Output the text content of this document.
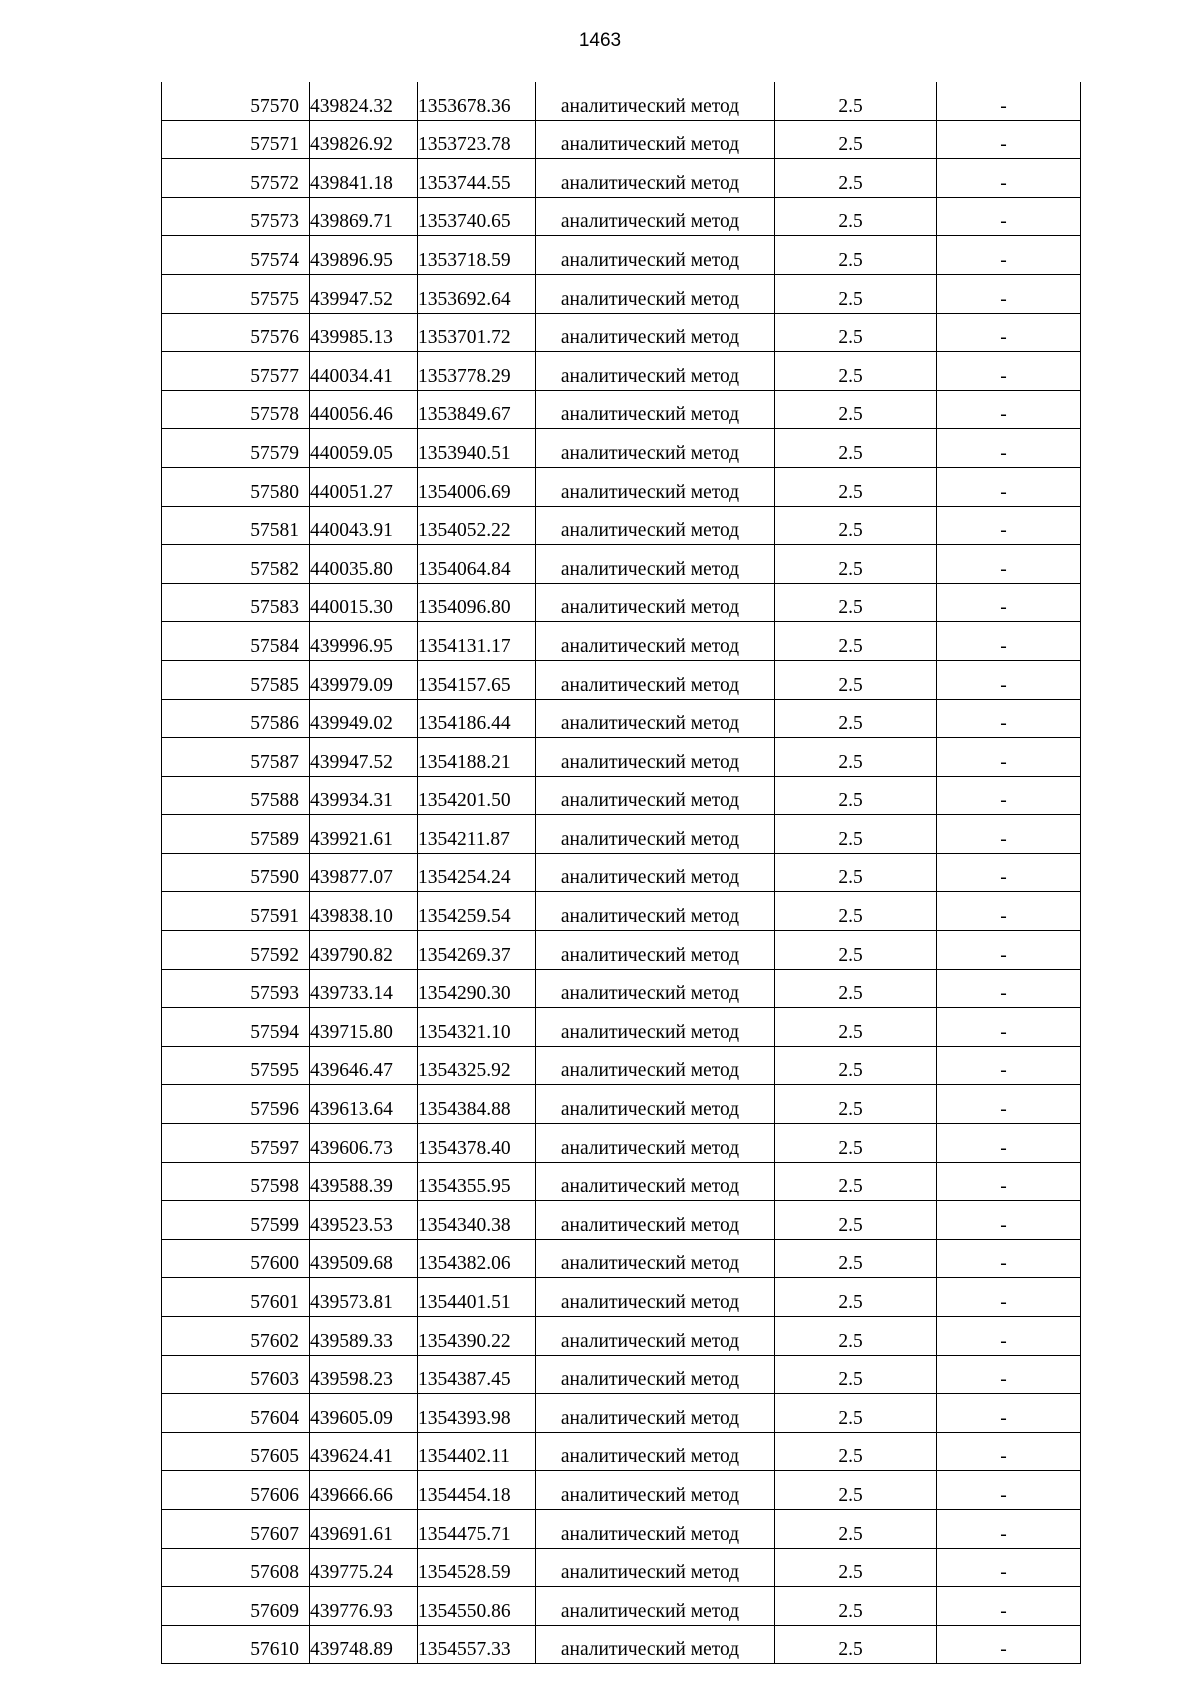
1463
57570	439824.32	1353678.36	аналитический метод	2.5	-
57571	439826.92	1353723.78	аналитический метод	2.5	-
57572	439841.18	1353744.55	аналитический метод	2.5	-
57573	439869.71	1353740.65	аналитический метод	2.5	-
57574	439896.95	1353718.59	аналитический метод	2.5	-
57575	439947.52	1353692.64	аналитический метод	2.5	-
57576	439985.13	1353701.72	аналитический метод	2.5	-
57577	440034.41	1353778.29	аналитический метод	2.5	-
57578	440056.46	1353849.67	аналитический метод	2.5	-
57579	440059.05	1353940.51	аналитический метод	2.5	-
57580	440051.27	1354006.69	аналитический метод	2.5	-
57581	440043.91	1354052.22	аналитический метод	2.5	-
57582	440035.80	1354064.84	аналитический метод	2.5	-
57583	440015.30	1354096.80	аналитический метод	2.5	-
57584	439996.95	1354131.17	аналитический метод	2.5	-
57585	439979.09	1354157.65	аналитический метод	2.5	-
57586	439949.02	1354186.44	аналитический метод	2.5	-
57587	439947.52	1354188.21	аналитический метод	2.5	-
57588	439934.31	1354201.50	аналитический метод	2.5	-
57589	439921.61	1354211.87	аналитический метод	2.5	-
57590	439877.07	1354254.24	аналитический метод	2.5	-
57591	439838.10	1354259.54	аналитический метод	2.5	-
57592	439790.82	1354269.37	аналитический метод	2.5	-
57593	439733.14	1354290.30	аналитический метод	2.5	-
57594	439715.80	1354321.10	аналитический метод	2.5	-
57595	439646.47	1354325.92	аналитический метод	2.5	-
57596	439613.64	1354384.88	аналитический метод	2.5	-
57597	439606.73	1354378.40	аналитический метод	2.5	-
57598	439588.39	1354355.95	аналитический метод	2.5	-
57599	439523.53	1354340.38	аналитический метод	2.5	-
57600	439509.68	1354382.06	аналитический метод	2.5	-
57601	439573.81	1354401.51	аналитический метод	2.5	-
57602	439589.33	1354390.22	аналитический метод	2.5	-
57603	439598.23	1354387.45	аналитический метод	2.5	-
57604	439605.09	1354393.98	аналитический метод	2.5	-
57605	439624.41	1354402.11	аналитический метод	2.5	-
57606	439666.66	1354454.18	аналитический метод	2.5	-
57607	439691.61	1354475.71	аналитический метод	2.5	-
57608	439775.24	1354528.59	аналитический метод	2.5	-
57609	439776.93	1354550.86	аналитический метод	2.5	-
57610	439748.89	1354557.33	аналитический метод	2.5	-
